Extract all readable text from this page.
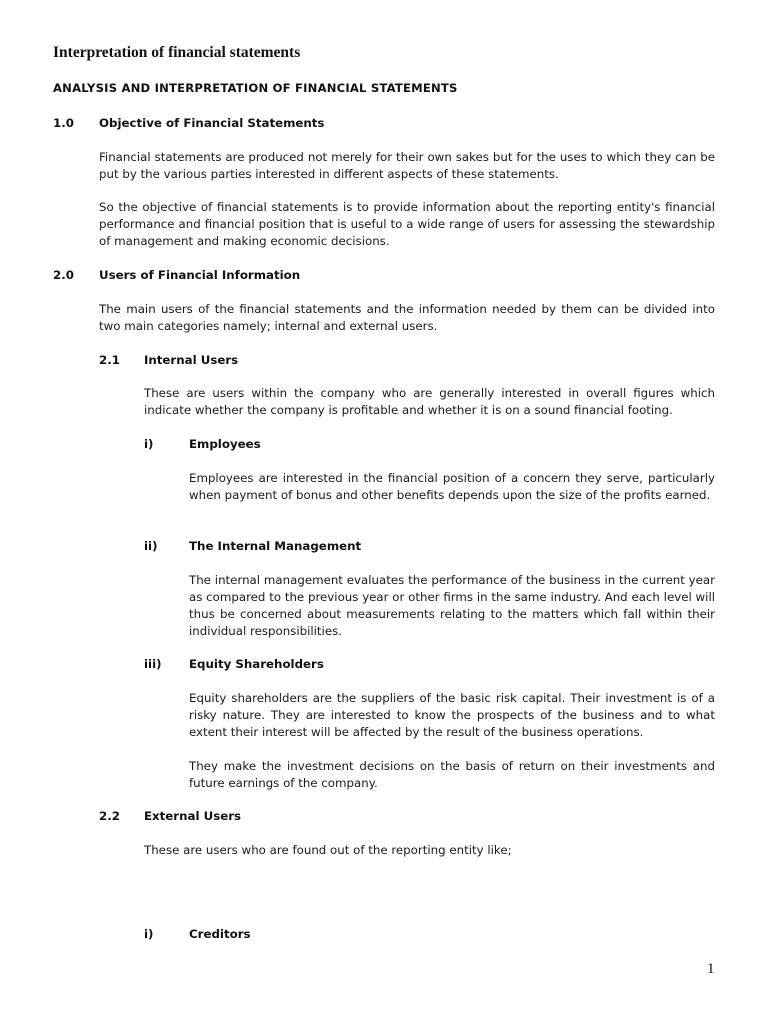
Interpretation of financial statements
ANALYSIS AND INTERPRETATION OF FINANCIAL STATEMENTS
1.0 Objective of Financial Statements

Financial statements are produced not merely for their own sakes but for the uses to which they can be put by the various parties interested in different aspects of these statements.

So the objective of financial statements is to provide information about the reporting entity's financial performance and financial position that is useful to a wide range of users for assessing the stewardship of management and making economic decisions.

2.0 Users of Financial Information

The main users of the financial statements and the information needed by them can be divided into two main categories namely; internal and external users.

2.1 Internal Users

These are users within the company who are generally interested in overall figures which indicate whether the company is profitable and whether it is on a sound financial footing.

i)	Employees

Employees are interested in the financial position of a concern they serve, particularly when payment of bonus and other benefits depends upon the size of the profits earned.

ii)	The Internal Management

The internal management evaluates the performance of the business in the current year as compared to the previous year or other firms in the same industry. And each level will thus be concerned about measurements relating to the matters which fall within their individual responsibilities.

iii) Equity Shareholders

Equity shareholders are the suppliers of the basic risk capital. Their investment is of a risky nature. They are interested to know the prospects of the business and to what extent their interest will be affected by the result of the business operations.

They make the investment decisions on the basis of return on their investments and future earnings of the company.

2.2 External Users

These are users who are found out of the reporting entity like;

i)	Creditors
1
